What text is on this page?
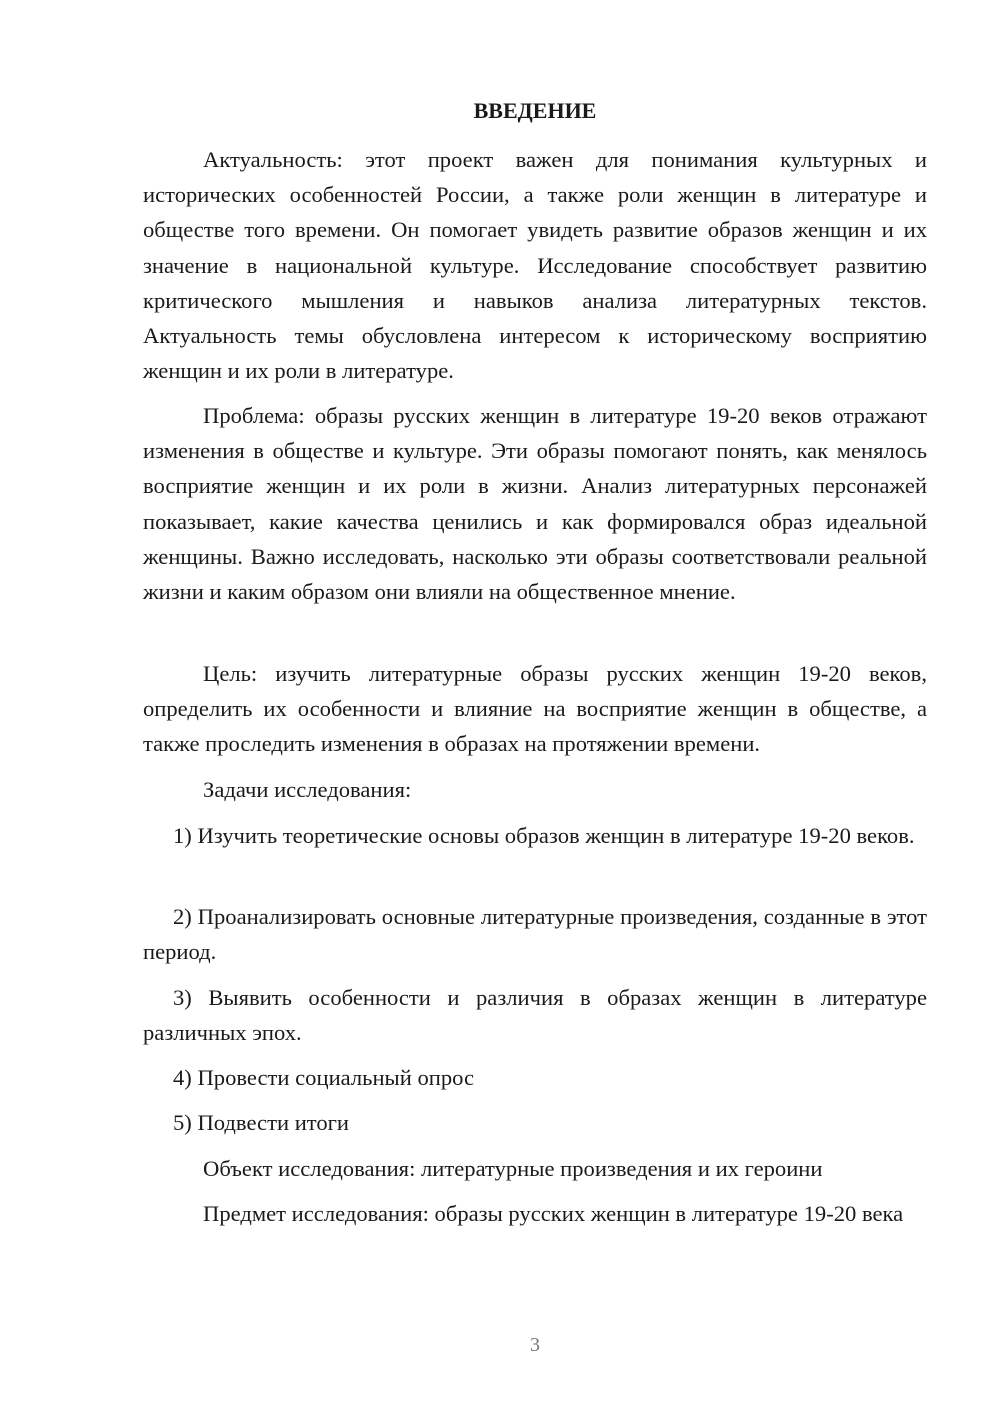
ВВЕДЕНИЕ

Актуальность: этот проект важен для понимания культурных и исторических особенностей России, а также роли женщин в литературе и обществе того времени. Он помогает увидеть развитие образов женщин и их значение в национальной культуре. Исследование способствует развитию критического мышления и навыков анализа литературных текстов. Актуальность темы обусловлена интересом к историческому восприятию женщин и их роли в литературе.

Проблема: образы русских женщин в литературе 19-20 веков отражают изменения в обществе и культуре. Эти образы помогают понять, как менялось восприятие женщин и их роли в жизни. Анализ литературных персонажей показывает, какие качества ценились и как формировался образ идеальной женщины. Важно исследовать, насколько эти образы соответствовали реальной жизни и каким образом они влияли на общественное мнение.

Цель: изучить литературные образы русских женщин 19-20 веков, определить их особенности и влияние на восприятие женщин в обществе, а также проследить изменения в образах на протяжении времени.

Задачи исследования:

1) Изучить теоретические основы образов женщин в литературе 19-20 веков.

2) Проанализировать основные литературные произведения, созданные в этот период.

3) Выявить особенности и различия в образах женщин в литературе различных эпох.

4) Провести социальный опрос

5) Подвести итоги

Объект исследования: литературные произведения и их героини

Предмет исследования: образы русских женщин в литературе 19-20 века

3
